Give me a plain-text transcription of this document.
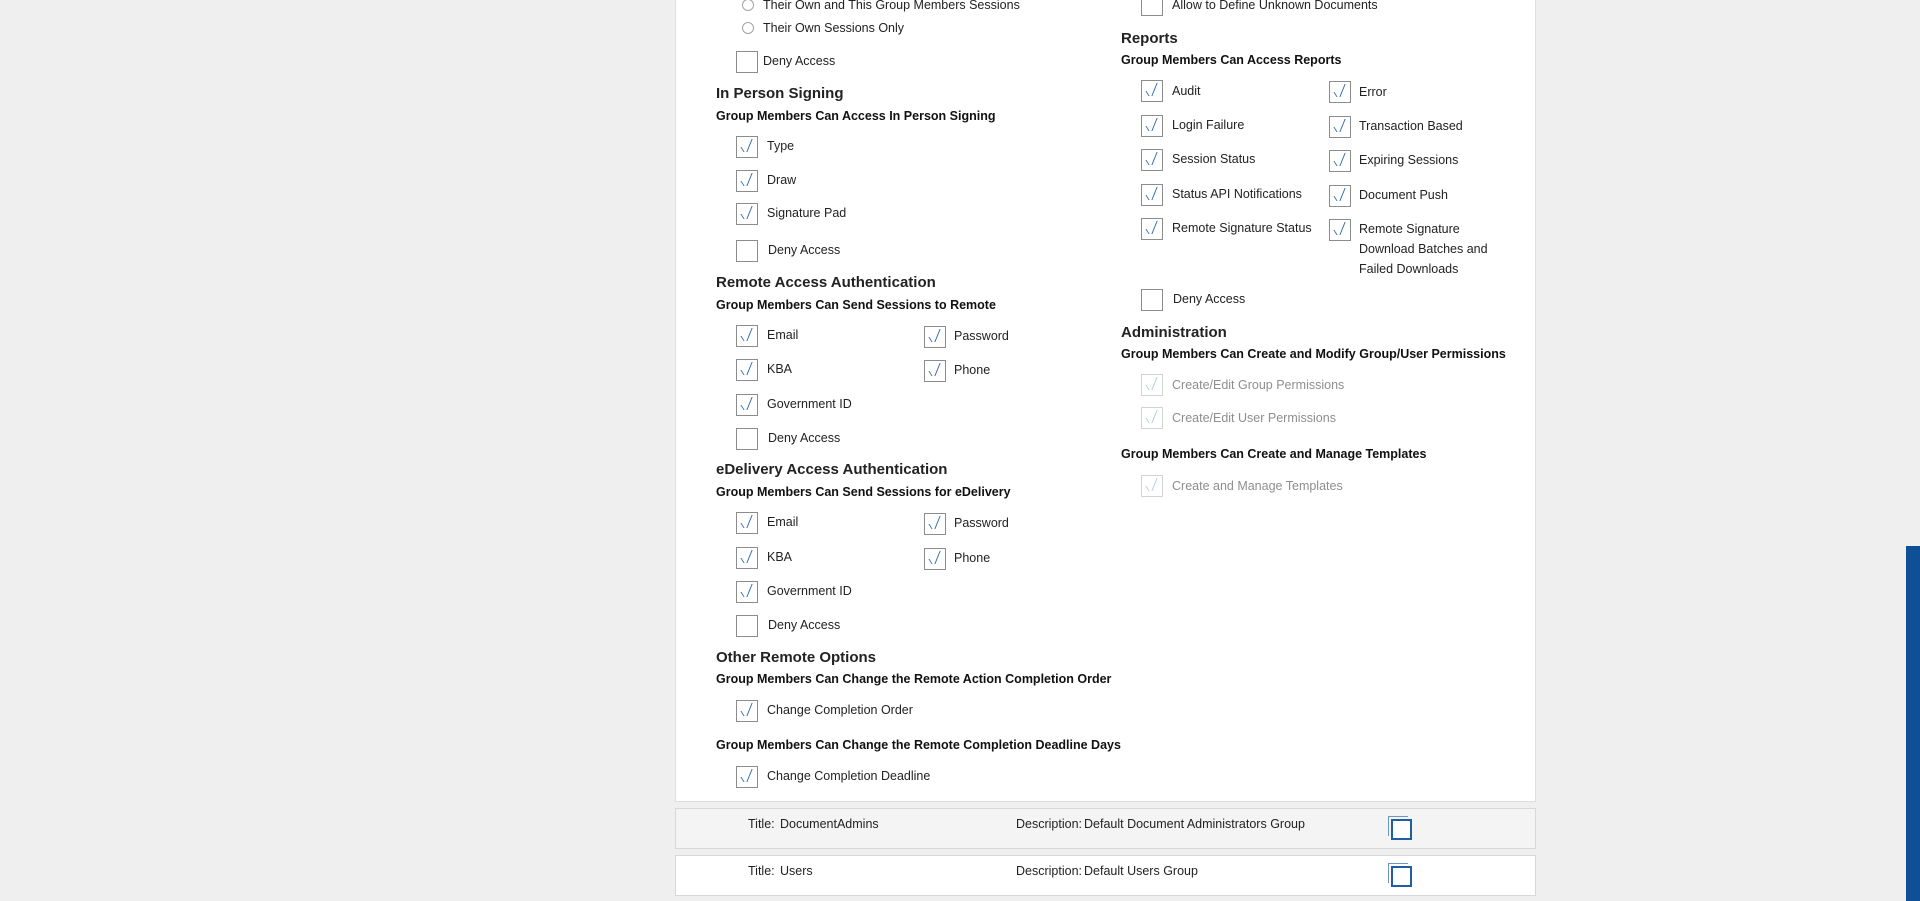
Their Own and This Group Members Sessions
Their Own Sessions Only
Deny Access
In Person Signing
Group Members Can Access In Person Signing
Type
Draw
Signature Pad
Deny Access
Remote Access Authentication
Group Members Can Send Sessions to Remote
Email	Password
KBA	Phone
Government ID
Deny Access
eDelivery Access Authentication
Group Members Can Send Sessions for eDelivery
Email	Password
KBA	Phone
Government ID
Deny Access
Other Remote Options
Group Members Can Change the Remote Action Completion Order
Change Completion Order
Group Members Can Change the Remote Completion Deadline Days
Change Completion Deadline
Allow to Define Unknown Documents
Reports
Group Members Can Access Reports
Audit	Error
Login Failure	Transaction Based
Session Status	Expiring Sessions
Status API Notifications	Document Push
Remote Signature Status	Remote Signature
Download Batches and
Failed Downloads
Deny Access
Administration
Group Members Can Create and Modify Group/User Permissions
Create/Edit Group Permissions
Create/Edit User Permissions
Group Members Can Create and Manage Templates
Create and Manage Templates
Title: DocumentAdmins	Description: Default Document Administrators Group
Title: Users	Description: Default Users Group
